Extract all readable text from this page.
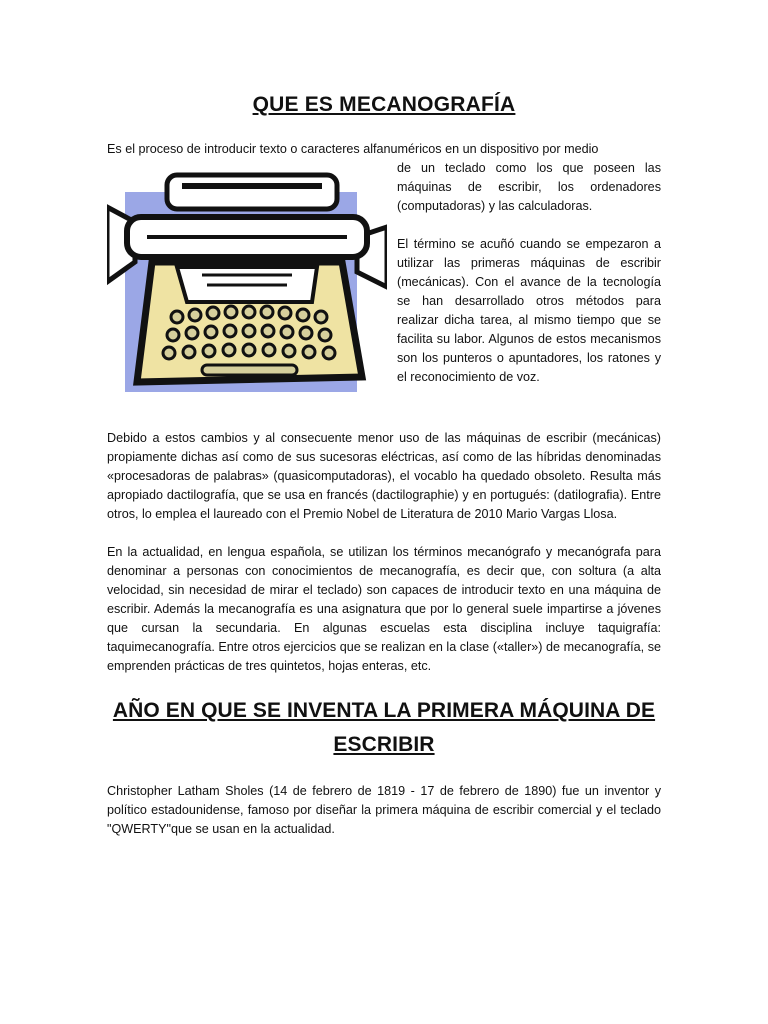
QUE ES MECANOGRAFÍA

Es el proceso de introducir texto o caracteres alfanuméricos en un dispositivo por medio

de un teclado como los que poseen las máquinas de escribir, los ordenadores (computadoras) y las calculadoras.

El término se acuñó cuando se empezaron a utilizar las primeras máquinas de escribir (mecánicas). Con el avance de la tecnología se han desarrollado otros métodos para realizar dicha tarea, al mismo tiempo que se facilita su labor. Algunos de estos mecanismos son los punteros o apuntadores, los ratones y el reconocimiento de voz.

Debido a estos cambios y al consecuente menor uso de las máquinas de escribir (mecánicas) propiamente dichas así como de sus sucesoras eléctricas, así como de las híbridas denominadas «procesadoras de palabras» (quasicomputadoras), el vocablo ha quedado obsoleto. Resulta más apropiado dactilografía, que se usa en francés (dactilographie) y en portugués: (datilografia). Entre otros, lo emplea el laureado con el Premio Nobel de Literatura de 2010 Mario Vargas Llosa.

En la actualidad, en lengua española, se utilizan los términos mecanógrafo y mecanógrafa para denominar a personas con conocimientos de mecanografía, es decir que, con soltura (a alta velocidad, sin necesidad de mirar el teclado) son capaces de introducir texto en una máquina de escribir. Además la mecanografía es una asignatura que por lo general suele impartirse a jóvenes que cursan la secundaria. En algunas escuelas esta disciplina incluye taquigrafía: taquimecanografía. Entre otros ejercicios que se realizan en la clase («taller») de mecanografía, se emprenden prácticas de tres quintetos, hojas enteras, etc.

AÑO EN QUE SE INVENTA LA PRIMERA MÁQUINA DE ESCRIBIR

Christopher Latham Sholes (14 de febrero de 1819 - 17 de febrero de 1890) fue un inventor y político estadounidense, famoso por diseñar la primera máquina de escribir comercial y el teclado "QWERTY"que se usan en la actualidad.
